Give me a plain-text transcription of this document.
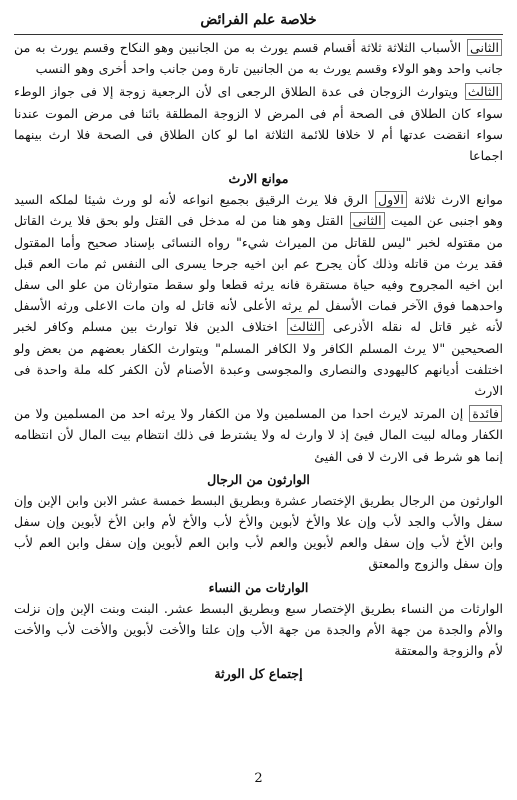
خلاصة علم الفرائض

الثانى الأسباب الثلاثة ثلاثة أقسام قسم يورث به من الجانبين وهو النكاح وقسم يورث به من جانب واحد وهو الولاء وقسم يورث به من الجانبين تارة ومن جانب واحد أخرى وهو النسب

الثالث ويتوارث الزوجان فى عدة الطلاق الرجعى اى لأن الرجعية زوجة إلا فى جواز الوطء سواء كان الطلاق فى الصحة أم فى المرض لا الزوجة المطلقة بائنا فى مرض الموت عندنا سواء انقضت عدتها أم لا خلافا للائمة الثلاثة اما لو كان الطلاق فى الصحة فلا ارث بينهما اجماعا

موانع الارث

موانع الارث ثلاثة الاول الرق فلا يرث الرقيق بجميع انواعه لأنه لو ورث شيئا لملكه السيد وهو اجنبى عن الميت الثانى القتل وهو هنا من له مدخل فى القتل ولو بحق فلا يرث القاتل من مقتوله لخبر "ليس للقاتل من الميراث شيء" رواه النسائى بإسناد صحيح وأما المقتول فقد يرث من قاتله وذلك كأن يجرح عم ابن اخيه جرحا يسرى الى النفس ثم مات العم قبل ابن اخيه المجروح وفيه حياة مستقرة فانه يرثه قطعا ولو سقط متوارثان من علو الى سفل واحدهما فوق الآخر فمات الأسفل لم يرثه الأعلى لأنه قاتل له وان مات الاعلى ورثه الأسفل لأنه غير قاتل له نقله الأذرعى الثالث اختلاف الدين فلا توارث بين مسلم وكافر لخبر الصحيحين "لا يرث المسلم الكافر ولا الكافر المسلم" ويتوارث الكفار بعضهم من بعض ولو اختلفت أديانهم كاليهودى والنصارى والمجوسى وعبدة الأصنام لأن الكفر كله ملة واحدة فى الارث

فائدة إن المرتد لايرث احدا من المسلمين ولا من الكفار ولا يرثه احد من المسلمين ولا من الكفار وماله لبيت المال فيئ إذ لا وارث له ولا يشترط فى ذلك انتظام بيت المال لأن انتظامه إنما هو شرط فى الارث لا فى الفيئ

الوارثون من الرجال

الوارثون من الرجال بطريق الإختصار عشرة وبطريق البسط خمسة عشر الابن وابن الإبن وإن سفل والأب والجد لأب وإن علا والأخ لأبوين والأخ لأب والأخ لأم وابن الأخ لأبوين وإن سفل وابن الأخ لأب وإن سفل والعم لأبوين والعم لأب وابن العم لأبوين وإن سفل وابن العم لأب وإن سفل والزوج والمعتق

الوارثات من النساء

الوارثات من النساء بطريق الإختصار سبع وبطريق البسط عشر. البنت وبنت الإبن وإن نزلت والأم والجدة من جهة الأم والجدة من جهة الأب وإن علتا والأخت لأبوين والأخت لأب والأخت لأم والزوجة والمعتقة

إجتماع كل الورثة
2
